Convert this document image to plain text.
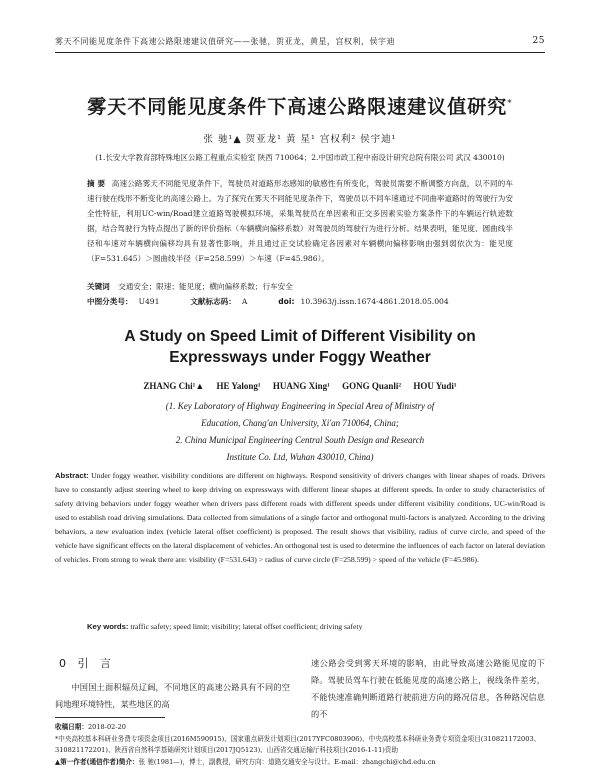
雾天不同能见度条件下高速公路限速建议值研究——张驰，贺亚龙，黄星，宫权利，侯宇迪	25
雾天不同能见度条件下高速公路限速建议值研究*
张 驰¹▲ 贺亚龙¹ 黄 星¹ 宫权利² 侯宇迪¹
(1.长安大学教育部特殊地区公路工程重点实验室 陕西 710064；2.中国市政工程中南设计研究总院有限公司 武汉 430010)
摘 要 高速公路雾天不同能见度条件下，驾驶员对道路形态感知的敏感性有所变化，驾驶员需要不断调整方向盘，以不同的车速行驶在线形不断变化的高速公路上。为了探究在雾天不同能见度条件下，驾驶员以不同车速通过不同曲率道路时的驾驶行为安全性特征，利用UC-win/Road建立道路驾驶模拟环境，采集驾驶员在单因素和正交多因素实验方案条件下的车辆运行轨迹数据，结合驾驶行为特点提出了新的评价指标（车辆横向偏移系数）对驾驶员的驾驶行为进行分析。结果表明，能见度、圆曲线半径和车速对车辆横向偏移均具有显著性影响，并且通过正交试验确定各因素对车辆横向偏移影响由强到弱依次为：能见度（F=531.645）＞圆曲线半径（F=258.599）＞车速（F=45.986）。
关键词 交通安全；限速；能见度；横向偏移系数；行车安全
中图分类号： U491	文献标志码： A	doi: 10.3963/j.issn.1674-4861.2018.05.004
A Study on Speed Limit of Different Visibility on
Expressways under Foggy Weather
ZHANG Chi¹▲ HE Yalong¹ HUANG Xing¹ GONG Quanli² HOU Yudi¹
(1. Key Laboratory of Highway Engineering in Special Area of Ministry of
Education, Chang'an University, Xi'an 710064, China;
2. China Municipal Engineering Central South Design and Research
Institute Co. Ltd, Wuhan 430010, China)
Abstract: Under foggy weather, visibility conditions are different on highways. Respond sensitivity of drivers changes with linear shapes of roads. Drivers have to constantly adjust steering wheel to keep driving on expressways with different linear shapes at different speeds. In order to study characteristics of safety driving behaviors under foggy weather when drivers pass different roads with different speeds under different visibility conditions, UC-win/Road is used to establish road driving simulations. Data collected from simulations of a single factor and orthogonal multi-factors is analyzed. According to the driving behaviors, a new evaluation index (vehicle lateral offset coefficient) is proposed. The result shows that visibility, radius of curve circle, and speed of the vehicle have significant effects on the lateral displacement of vehicles. An orthogonal test is used to determine the influences of each factor on lateral deviation of vehicles. From strong to weak there are: visibility (F=531.643) > radius of curve circle (F=258.599) > speed of the vehicle (F=45.986).
Key words: traffic safety; speed limit; visibility; lateral offset coefficient; driving safety
0 引 言
中国国土面积辐员辽阔，不同地区的高速公路具有不同的空间地理环境特性，某些地区的高
速公路会受到雾天环境的影响，由此导致高速公路能见度的下降。驾驶员驾车行驶在低能见度的高速公路上，视线条件差劣，不能快速准确判断道路行驶前进方向的路况信息，各种路况信息的不

收稿日期：2018-02-20

*中央高校基本科研业务费专项资金项目(2016M590915)、国家重点研发计划项目(2017YFC0803906)、中央高校基本科研业务费专项资金项目(310821172003、310821172201)、陕西省自然科学基础研究计划项目(2017JQ5123)、山西省交通运输厅科技项目(2016-1-11)资助

▲第一作者(通信作者)简介：张 驰(1981—)，博士，副教授，研究方向：道路交通安全与设计。E-mail：zhangchi@chd.edu.cn
